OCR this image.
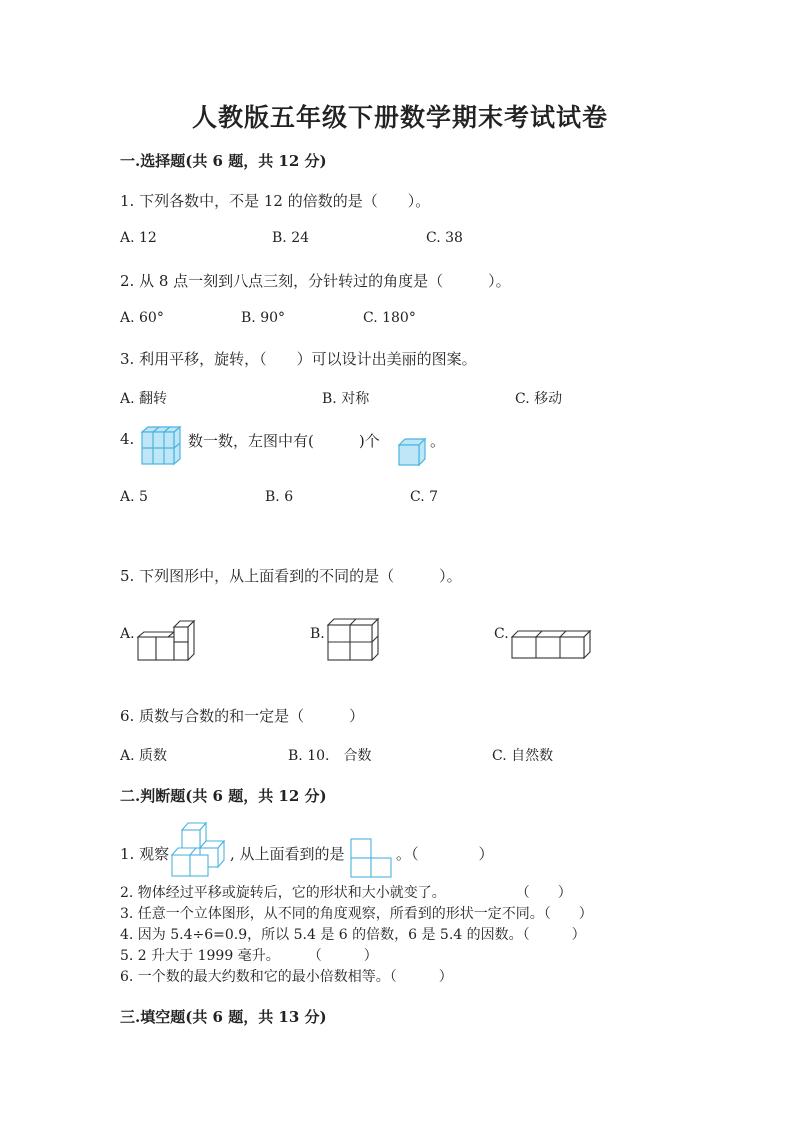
人教版五年级下册数学期末考试试卷
一.选择题(共 6 题，共 12 分)
1. 下列各数中，不是 12 的倍数的是（　　）。
A. 12	B. 24	C. 38
2. 从 8 点一刻到八点三刻，分针转过的角度是（　　　）。
A. 60°	B. 90°	C. 180°
3. 利用平移，旋转，（　　）可以设计出美丽的图案。
A. 翻转	B. 对称	C. 移动
4.	数一数，左图中有(　　　)个	。
A. 5	B. 6	C. 7
5. 下列图形中，从上面看到的不同的是（　　　）。
A.	B.	C.
6. 质数与合数的和一定是（　　　）
A. 质数	B. 10.　合数	C. 自然数
二.判断题(共 6 题，共 12 分)
1. 观察	, 从上面看到的是	。（　　　　）
2. 物体经过平移或旋转后，它的形状和大小就变了。　　　　　　（　　）
3. 任意一个立体图形，从不同的角度观察，所看到的形状一定不同。（　　）
4. 因为 5.4÷6=0.9，所以 5.4 是 6 的倍数，6 是 5.4 的因数。（　　　）
5. 2 升大于 1999 毫升。　　　（　　　）
6. 一个数的最大约数和它的最小倍数相等。（　　　）
三.填空题(共 6 题，共 13 分)
